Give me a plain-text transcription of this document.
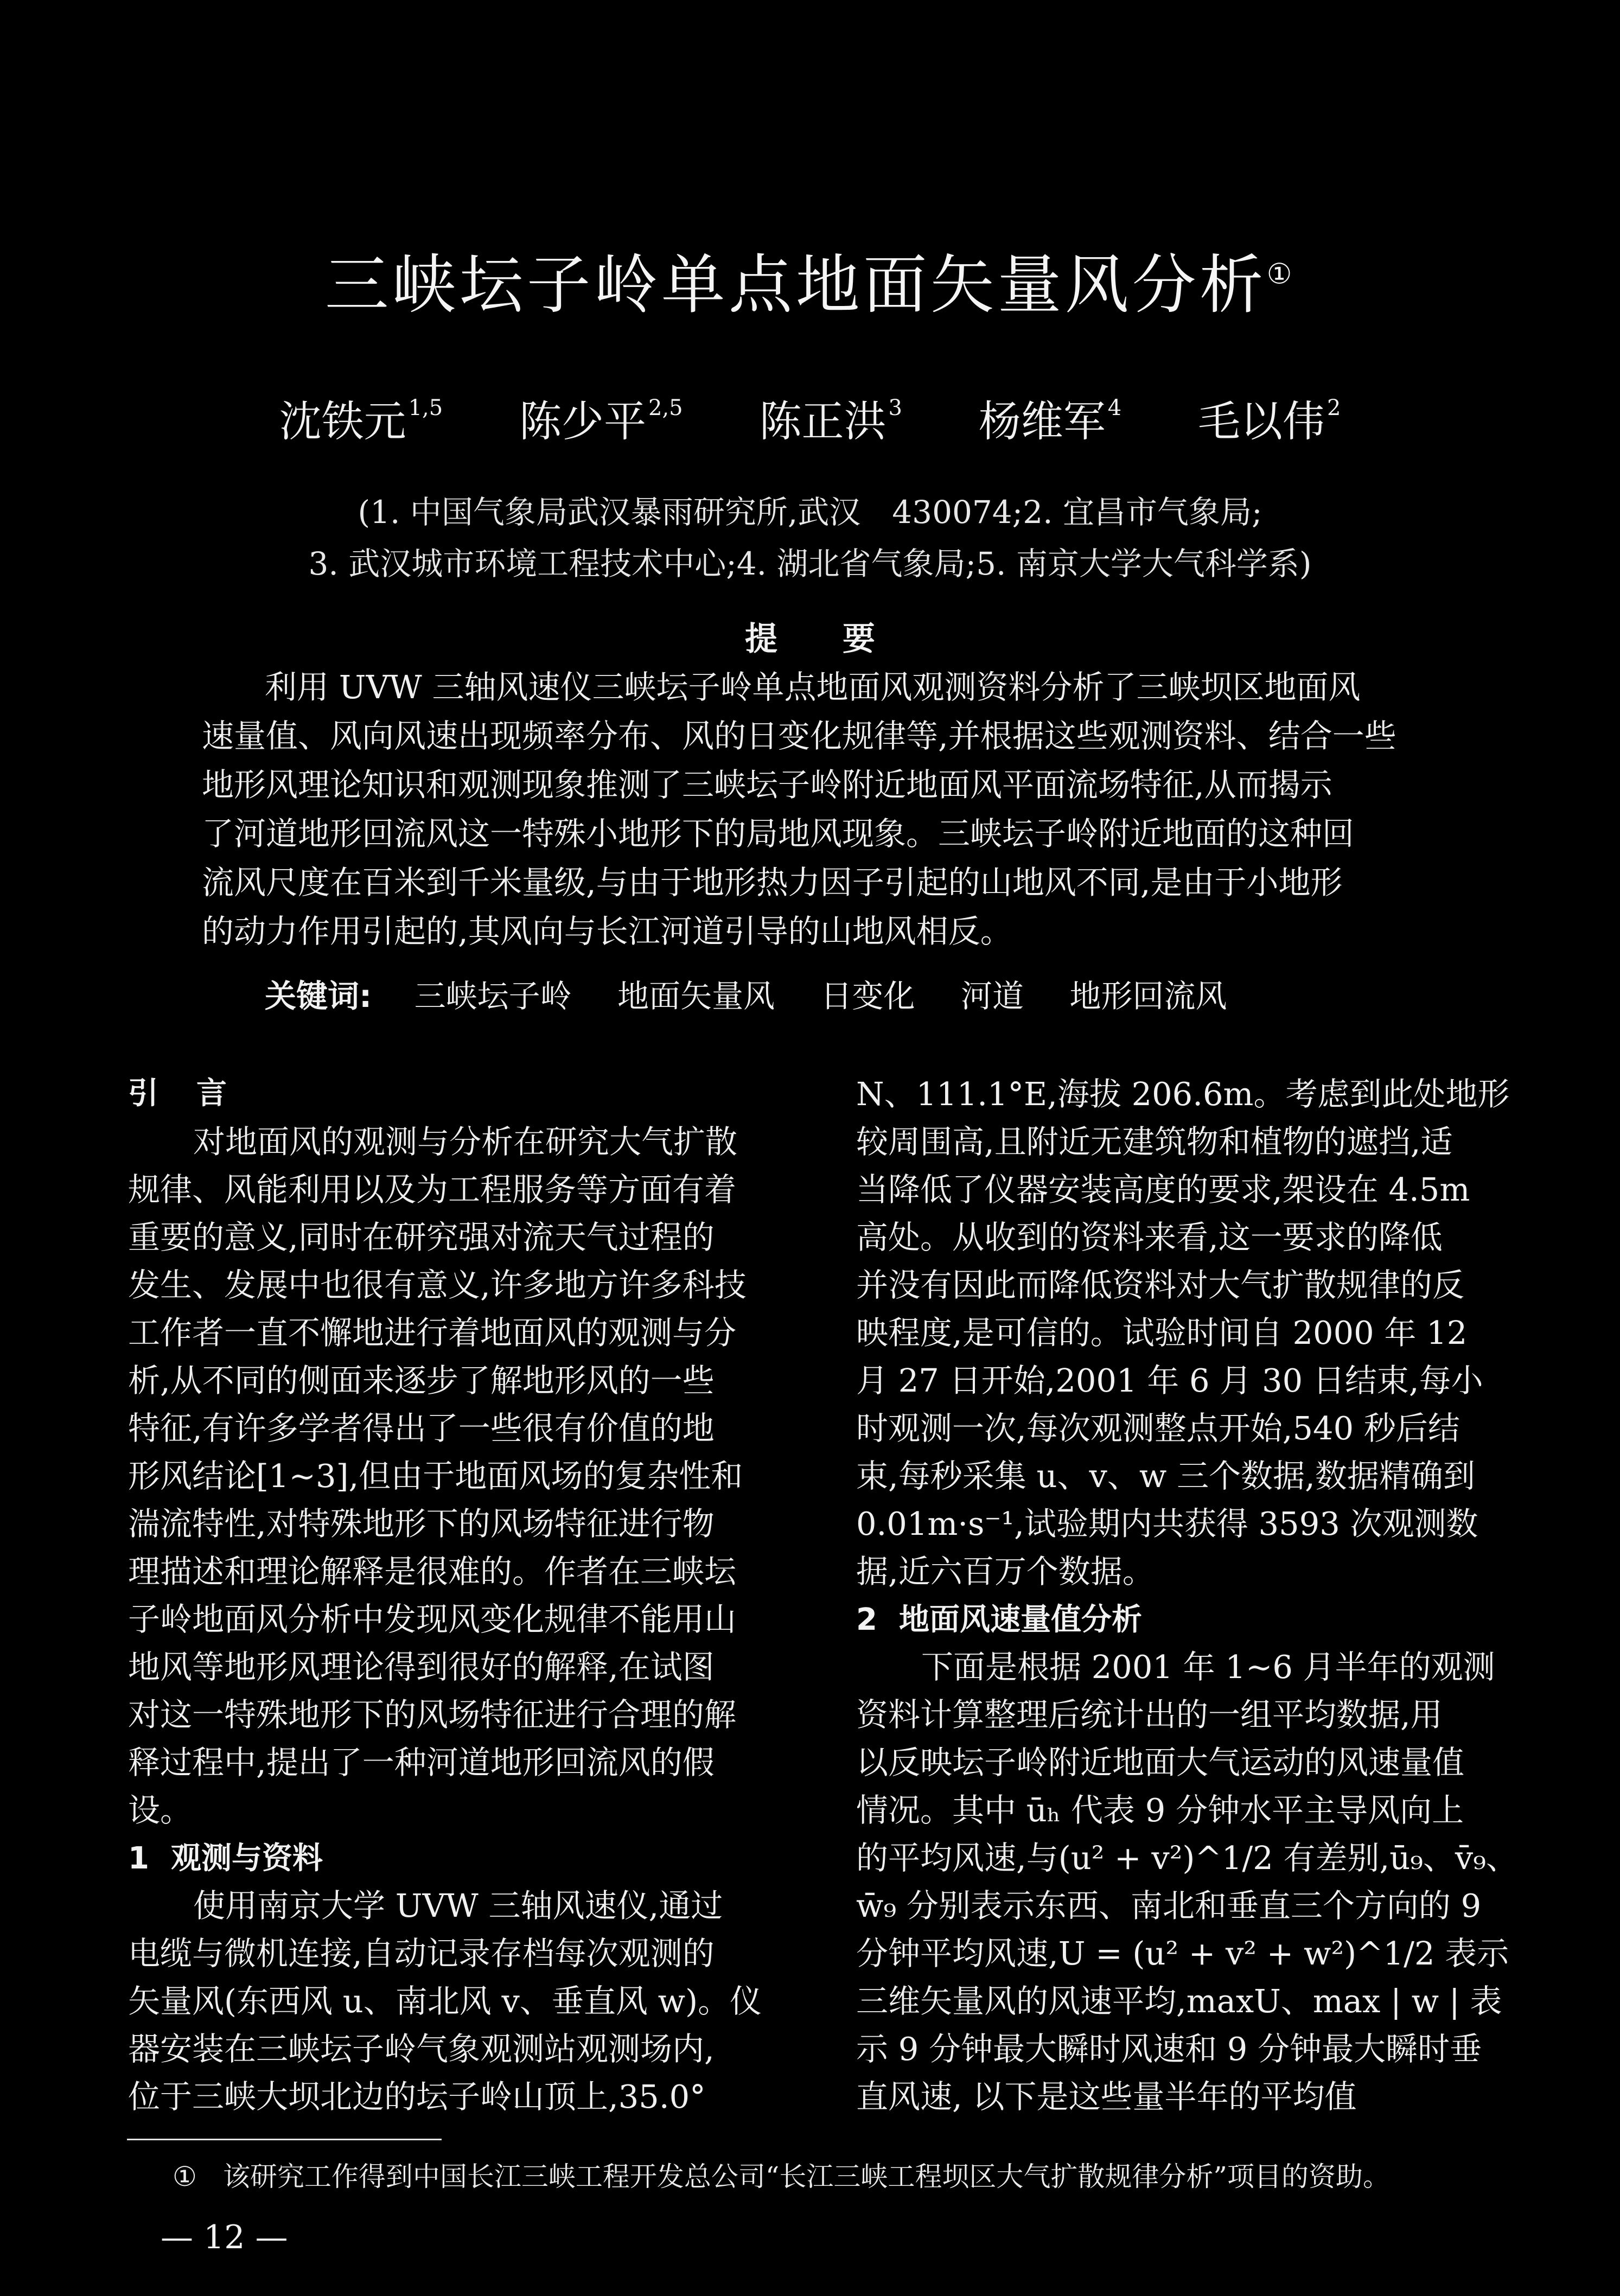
三峡坛子岭单点地面矢量风分析①
沈铁元 $^{1,5}$ 陈少平 $^{2,5}$ 陈正洪 $^3$ 杨维军 $^4$ 毛以伟 $^2$
(1. 中国气象局武汉暴雨研究所,武汉　430074;2. 宜昌市气象局;
3. 武汉城市环境工程技术中心;4. 湖北省气象局;5. 南京大学大气科学系)
提要
利用 UVW 三轴风速仪三峡坛子岭单点地面风观测资料分析了三峡坝区地面风
速量值、风向风速出现频率分布、风的日变化规律等,并根据这些观测资料、结合一些
地形风理论知识和观测现象推测了三峡坛子岭附近地面风平面流场特征,从而揭示
了河道地形回流风这一特殊小地形下的局地风现象。三峡坛子岭附近地面的这种回
流风尺度在百米到千米量级,与由于地形热力因子引起的山地风不同,是由于小地形
的动力作用引起的,其风向与长江河道引导的山地风相反。
关键词: 三峡坛子岭 地面矢量风 日变化 河道 地形回流风
引 言
对地面风的观测与分析在研究大气扩散
规律、风能利用以及为工程服务等方面有着
重要的意义,同时在研究强对流天气过程的
发生、发展中也很有意义,许多地方许多科技
工作者一直不懈地进行着地面风的观测与分
析,从不同的侧面来逐步了解地形风的一些
特征,有许多学者得出了一些很有价值的地
形风结论[1~3],但由于地面风场的复杂性和
湍流特性,对特殊地形下的风场特征进行物
理描述和理论解释是很难的。作者在三峡坛
子岭地面风分析中发现风变化规律不能用山
地风等地形风理论得到很好的解释,在试图
对这一特殊地形下的风场特征进行合理的解
释过程中,提出了一种河道地形回流风的假
设。
1 观测与资料
使用南京大学 UVW 三轴风速仪,通过
电缆与微机连接,自动记录存档每次观测的
矢量风(东西风 u、南北风 v、垂直风 w)。仪
器安装在三峡坛子岭气象观测站观测场内,
位于三峡大坝北边的坛子岭山顶上,35.0°
N、111.1°E,海拔 206.6m。考虑到此处地形
较周围高,且附近无建筑物和植物的遮挡,适
当降低了仪器安装高度的要求,架设在 4.5m
高处。从收到的资料来看,这一要求的降低
并没有因此而降低资料对大气扩散规律的反
映程度,是可信的。试验时间自 2000 年 12
月 27 日开始,2001 年 6 月 30 日结束,每小
时观测一次,每次观测整点开始,540 秒后结
束,每秒采集 u、v、w 三个数据,数据精确到
0.01m·s⁻¹,试验期内共获得 3593 次观测数
据,近六百万个数据。
2 地面风速量值分析
下面是根据 2001 年 1~6 月半年的观测
资料计算整理后统计出的一组平均数据,用
以反映坛子岭附近地面大气运动的风速量值
情况。其中 ūₕ 代表 9 分钟水平主导风向上
的平均风速,与(u² + v²)^1/2 有差别,ū₉、v̄₉、
w̄₉ 分别表示东西、南北和垂直三个方向的 9
分钟平均风速,U = (u² + v² + w²)^1/2 表示
三维矢量风的风速平均,maxU、max | w | 表
示 9 分钟最大瞬时风速和 9 分钟最大瞬时垂
直风速, 以下是这些量半年的平均值
① 该研究工作得到中国长江三峡工程开发总公司“长江三峡工程坝区大气扩散规律分析”项目的资助。
— 12 —
